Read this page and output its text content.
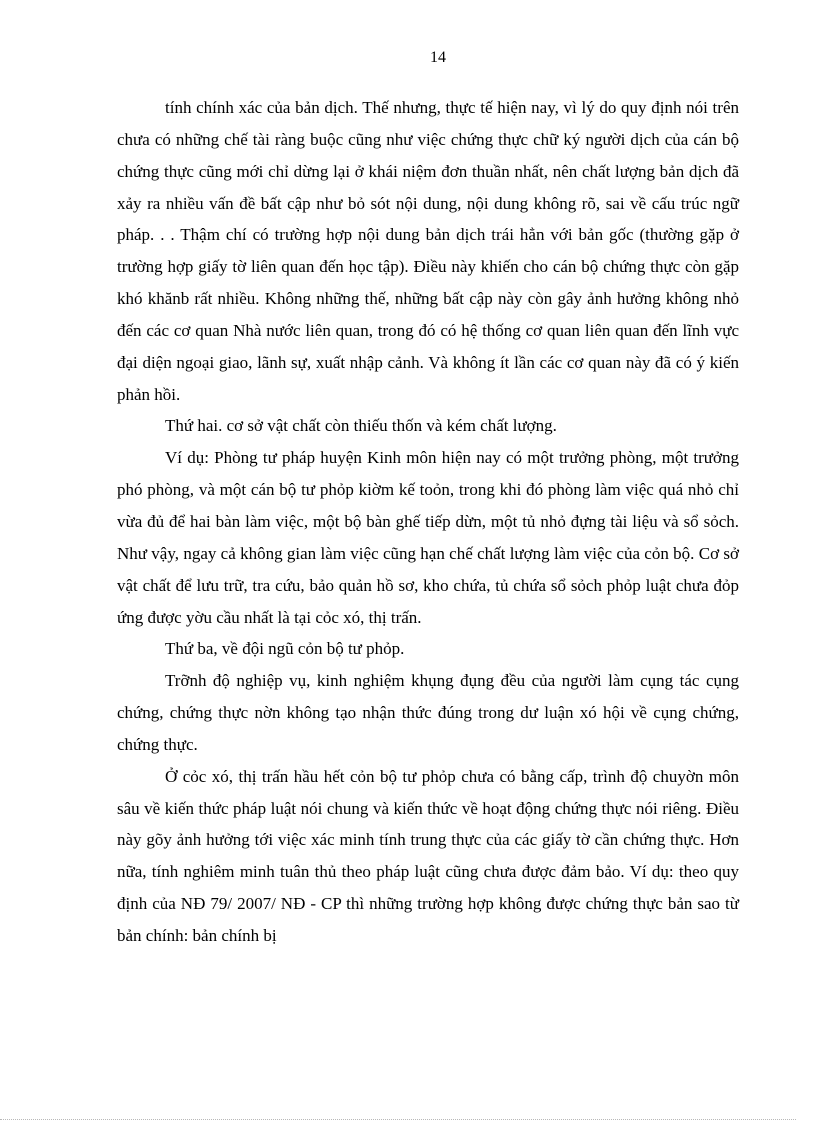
14

tính chính xác của bản dịch. Thế nhưng, thực tế hiện nay, vì lý do quy định nói trên chưa có những chế tài ràng buộc cũng như việc chứng thực chữ ký người dịch của cán bộ chứng thực cũng mới chỉ dừng lại ở khái niệm đơn thuần nhất, nên chất lượng bản dịch đã xảy ra nhiều vấn đề bất cập như bỏ sót nội dung, nội dung không rõ, sai về cấu trúc ngữ pháp. . . Thậm chí có trường hợp nội dung bản dịch trái hẳn với bản gốc (thường gặp ở trường hợp giấy tờ liên quan đến học tập). Điều này khiến cho cán bộ chứng thực còn gặp khó khănb rất nhiều. Không những thế, những bất cập này còn gây ảnh hưởng không nhỏ đến các cơ quan Nhà nước liên quan, trong đó có hệ thống cơ quan liên quan đến lĩnh vực đại diện ngoại giao, lãnh sự, xuất nhập cảnh. Và không ít lần các cơ quan này đã có ý kiến phản hồi.

Thứ hai. cơ sở vật chất còn thiếu thốn và kém chất lượng.

Ví dụ: Phòng tư pháp huyện Kinh môn hiện nay có một trưởng phòng, một trưởng phó phòng, và một cán bộ tư phỏp kiờm kế toỏn, trong khi đó phòng làm việc quá nhỏ chỉ vừa đủ để hai bàn làm việc, một bộ bàn ghế tiếp dừn, một tủ nhỏ đựng tài liệu và sổ sỏch. Như vậy, ngay cả không gian làm việc cũng hạn chế chất lượng làm việc của cỏn bộ. Cơ sở vật chất để lưu trữ, tra cứu, bảo quản hồ sơ, kho chứa, tủ chứa sổ sỏch phỏp luật chưa đỏp ứng được yờu cầu nhất là tại cỏc xó, thị trấn.

Thứ ba, về đội ngũ cỏn bộ tư phỏp.

Trỡnh độ nghiệp vụ, kinh nghiệm khụng đụng đều của người làm cụng tác cụng chứng, chứng thực nờn không tạo nhận thức đúng trong dư luận xó hội về cụng chứng, chứng thực.

Ở cỏc xó, thị trấn hầu hết cỏn bộ tư phỏp chưa có bằng cấp, trình độ chuyờn môn sâu về kiến thức pháp luật nói chung và kiến thức về hoạt động chứng thực nói riêng. Điều này gõy ảnh hưởng tới việc xác minh tính trung thực của các giấy tờ cần chứng thực. Hơn nữa, tính nghiêm minh tuân thủ theo pháp luật cũng chưa được đảm bảo. Ví dụ: theo quy định của NĐ 79/ 2007/ NĐ - CP thì những trường hợp không được chứng thực bản sao từ bản chính: bản chính bị
